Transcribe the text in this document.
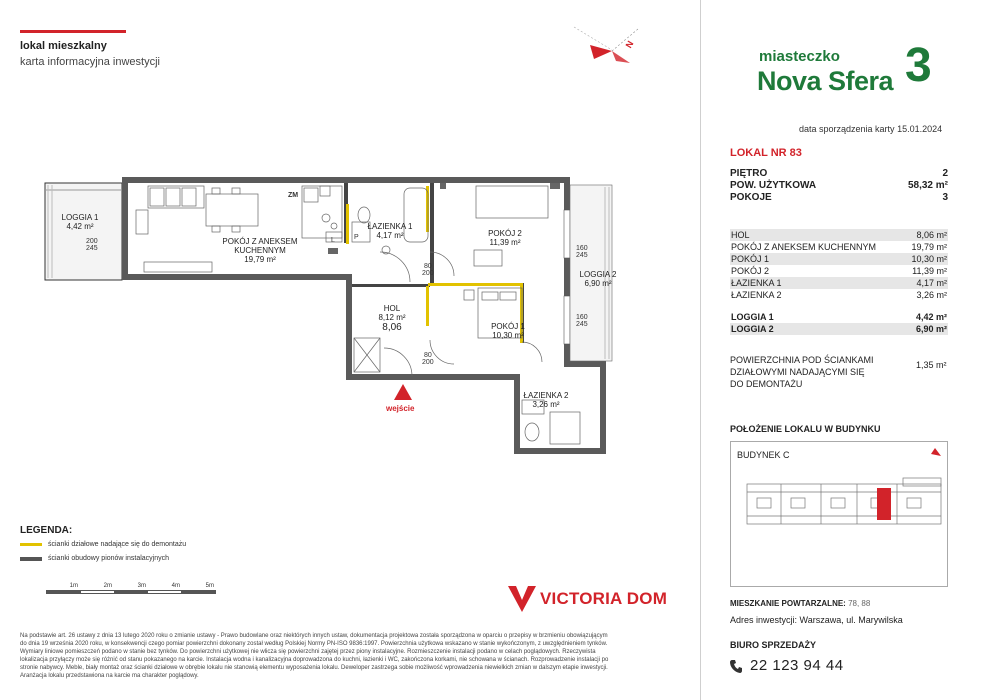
lokal mieszkalny
karta informacyjna inwestycji
N
LOGGIA 1
4,42 m²
200
245
POKÓJ Z ANEKSEM
KUCHENNYM
19,79 m²
ZM
P
L
ŁAZIENKA 1
4,17 m²	POKÓJ 2
11,39 m²
160
245
LOGGIA 2
6,90 m²
160
245
HOL
8,12 m²
8,06
80
200
80
200
POKÓJ 1
10,30 m²
ŁAZIENKA 2
3,26 m²
wejście
LEGENDA:
ścianki działowe nadające się do demontażu
ścianki obudowy pionów instalacyjnych
1m	2m	3m	4m	5m
VICTORIA DOM
Na podstawie art. 26 ustawy z dnia 13 lutego 2020 roku o zmianie ustawy - Prawo budowlane oraz niektórych innych ustaw, dokumentacja projektowa została sporządzona w oparciu o przepisy w brzmieniu obowiązującym do dnia 19 września 2020 roku, w konsekwencji czego pomiar powierzchni dokonany został według Polskiej Normy PN-ISO 9836:1997. Powierzchnia użytkowa wskazano w stanie wykończonym, z uwzględnieniem tynków. Wymiary liniowe pomieszczeń podano w stanie bez tynków. Do powierzchni użytkowej nie wlicza się powierzchni zajętej przez piony instalacyjne. Rozmieszczenie instalacji podano w celach poglądowych. Rzeczywista lokalizacja przyłączy może się różnić od stanu pokazanego na karcie. Instalacja wodna i kanalizacyjna doprowadzona do kuchni, łazienki i WC, zakończona korkami, nie schowana w ścianach. Rozprowadzenie instalacji po stronie nabywcy. Meble, biały montaż oraz ścianki działowe w obrębie lokalu nie stanowią elementu wyposażenia lokalu. Deweloper zastrzega sobie możliwość wprowadzenia niewielkich zmian w dalszym etapie inwestycji. Aranżacja lokalu przedstawiona na karcie ma charakter poglądowy.
miasteczko
Nova Sfera 3
data sporządzenia karty 15.01.2024
LOKAL NR 83
PIĘTRO	2
POW. UŻYTKOWA	58,32 m²
POKOJE	3
HOL	8,06 m²
POKÓJ Z ANEKSEM KUCHENNYM	19,79 m²
POKÓJ 1	10,30 m²
POKÓJ 2	11,39 m²
ŁAZIENKA 1	4,17 m²
ŁAZIENKA 2	3,26 m²
LOGGIA 1	4,42 m²
LOGGIA 2	6,90 m²
POWIERZCHNIA POD ŚCIANKAMI
DZIAŁOWYMI NADAJĄCYMI SIĘ
DO DEMONTAŻU
1,35 m²
POŁOŻENIE LOKALU W BUDYNKU
BUDYNEK C
MIESZKANIE POWTARZALNE: 78, 88
Adres inwestycji: Warszawa, ul. Marywilska
BIURO SPRZEDAŻY
22 123 94 44
